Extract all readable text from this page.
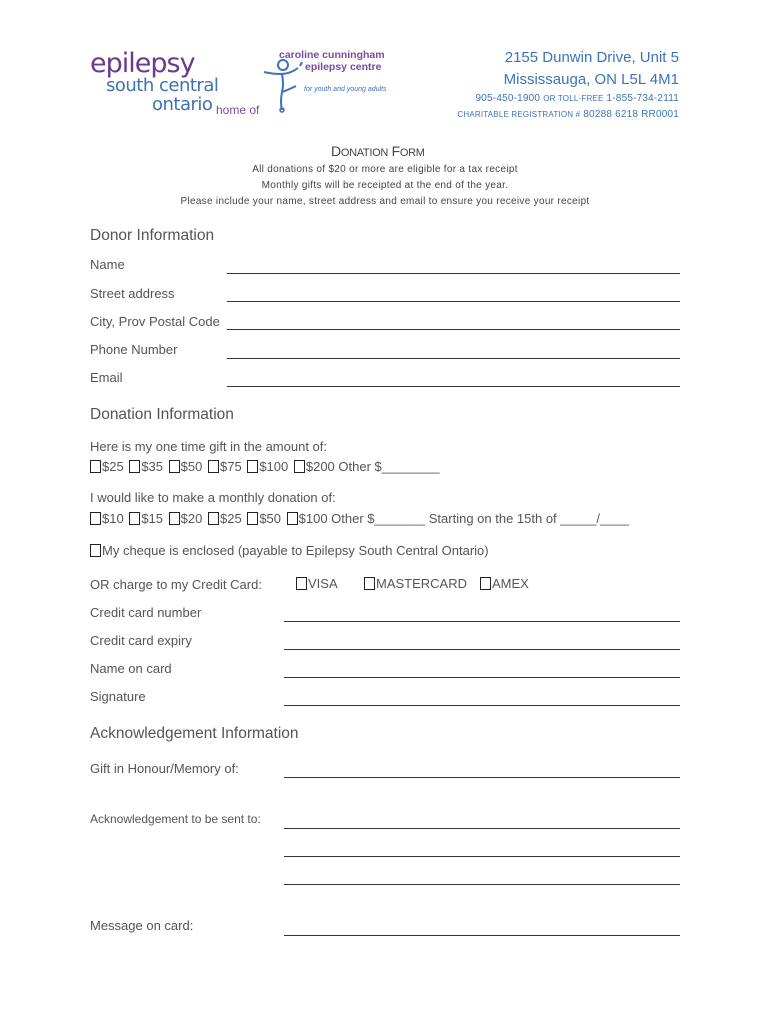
epilepsy
south central
ontario home of
caroline cunningham
epilepsy centre
for youth and young adults
2155 Dunwin Drive, Unit 5
Mississauga, ON L5L 4M1
905-450-1900 OR TOLL-FREE 1-855-734-2111
CHARITABLE REGISTRATION # 80288 6218 RR0001
DONATION FORM
All donations of $20 or more are eligible for a tax receipt
Monthly gifts will be receipted at the end of the year.
Please include your name, street address and email to ensure you receive your receipt
Donor Information
Name
Street address
City, Prov Postal Code
Phone Number
Email
Donation Information
Here is my one time gift in the amount of:
$25 $35 $50 $75 $100 $200 Other $________
I would like to make a monthly donation of:
$10 $15 $20 $25 $50 $100 Other $_______ Starting on the 15th of _____/____
My cheque is enclosed (payable to Epilepsy South Central Ontario)
OR charge to my Credit Card:	VISA	MASTERCARD	AMEX
Credit card number
Credit card expiry
Name on card
Signature
Acknowledgement Information
Gift in Honour/Memory of:
Acknowledgement to be sent to:
Message on card:
